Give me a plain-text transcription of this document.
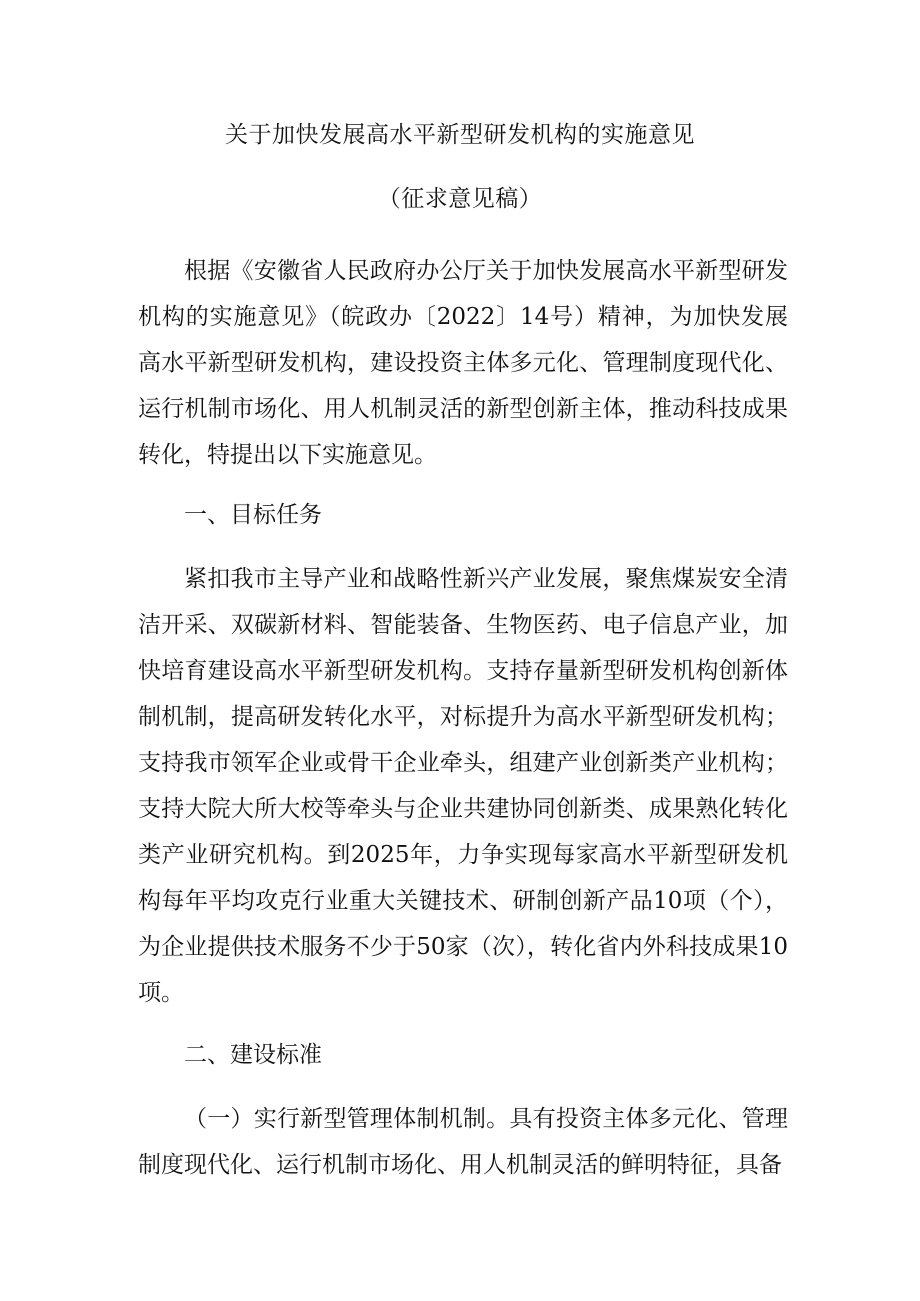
关于加快发展高水平新型研发机构的实施意见
（征求意见稿）
根据《安徽省人民政府办公厅关于加快发展高水平新型研发机构的实施意见》（皖政办〔2022〕14号）精神，为加快发展高水平新型研发机构，建设投资主体多元化、管理制度现代化、运行机制市场化、用人机制灵活的新型创新主体，推动科技成果转化，特提出以下实施意见。
一、目标任务
紧扣我市主导产业和战略性新兴产业发展，聚焦煤炭安全清洁开采、双碳新材料、智能装备、生物医药、电子信息产业，加快培育建设高水平新型研发机构。支持存量新型研发机构创新体制机制，提高研发转化水平，对标提升为高水平新型研发机构；支持我市领军企业或骨干企业牵头，组建产业创新类产业机构；支持大院大所大校等牵头与企业共建协同创新类、成果熟化转化类产业研究机构。到2025年，力争实现每家高水平新型研发机构每年平均攻克行业重大关键技术、研制创新产品10项（个），为企业提供技术服务不少于50家（次），转化省内外科技成果10项。
二、建设标准
（一）实行新型管理体制机制。具有投资主体多元化、管理制度现代化、运行机制市场化、用人机制灵活的鲜明特征，具备
